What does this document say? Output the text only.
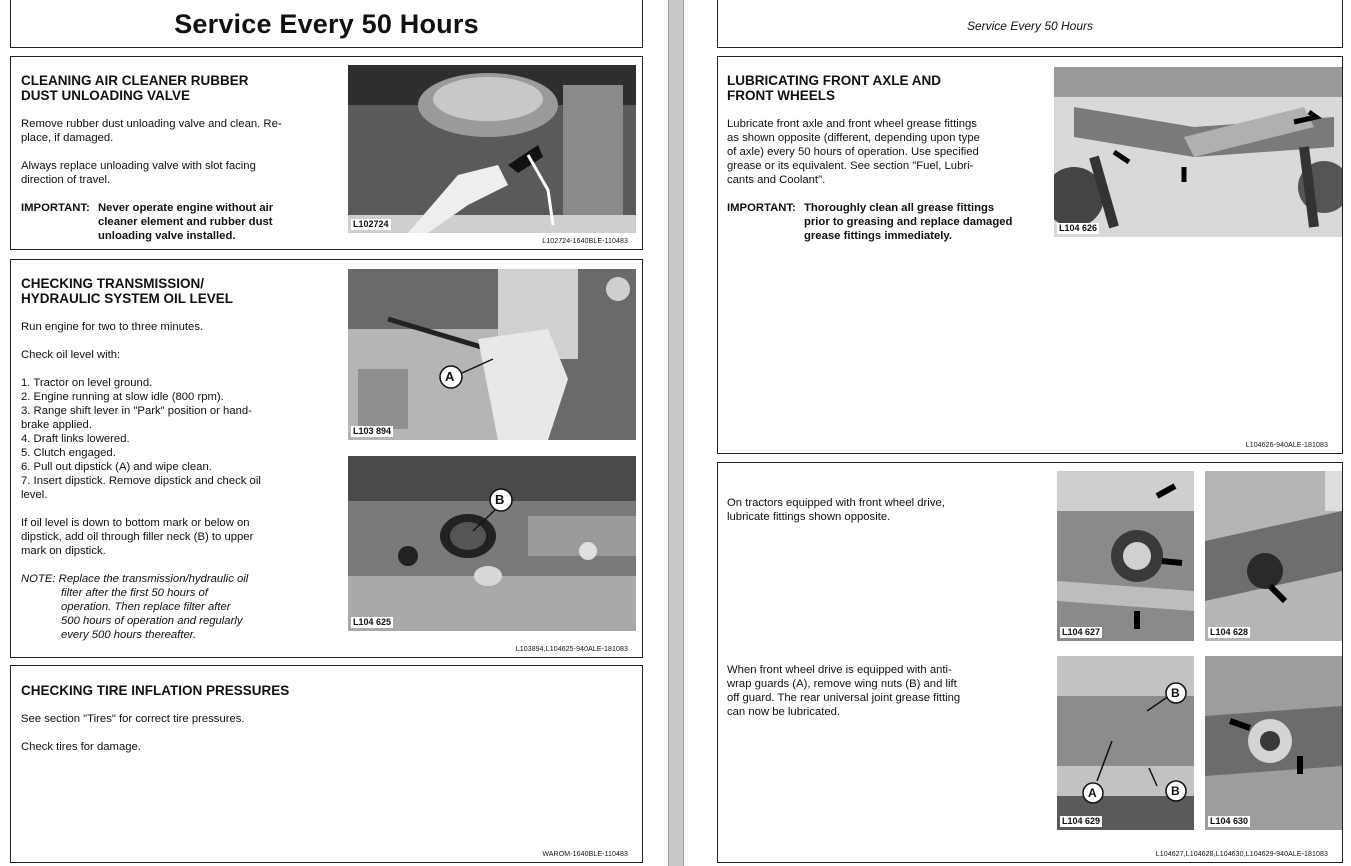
Service Every 50 Hours
CLEANING AIR CLEANER RUBBER
DUST UNLOADING VALVE

Remove rubber dust unloading valve and clean. Re-

place, if damaged.

Always replace unloading valve with slot facing

direction of travel.

IMPORTANT: Never operate engine without air

cleaner element and rubber dust

unloading valve installed.

L102724
L102724-1640BLE-110483
CHECKING TRANSMISSION/
HYDRAULIC SYSTEM OIL LEVEL

Run engine for two to three minutes.

Check oil level with:

1. Tractor on level ground.

2. Engine running at slow idle (800 rpm).

3. Range shift lever in "Park" position or hand-

brake applied.

4. Draft links lowered.

5. Clutch engaged.

6. Pull out dipstick (A) and wipe clean.

7. Insert dipstick. Remove dipstick and check oil

level.

If oil level is down to bottom mark or below on

dipstick, add oil through filler neck (B) to upper

mark on dipstick.

NOTE: Replace the transmission/hydraulic oil

filter after the first 50 hours of

operation. Then replace filter after

500 hours of operation and regularly

every 500 hours thereafter.

A
L103 894
B
L104 625
L103894,L104625-940ALE-181083
CHECKING TIRE INFLATION PRESSURES

See section "Tires" for correct tire pressures.

Check tires for damage.

WAROM-1640BLE-110483
Service Every 50 Hours
LUBRICATING FRONT AXLE AND
FRONT WHEELS

Lubricate front axle and front wheel grease fittings

as shown opposite (different, depending upon type

of axle) every 50 hours of operation. Use specified

grease or its equivalent. See section "Fuel, Lubri-

cants and Coolant".

IMPORTANT: Thoroughly clean all grease fittings

prior to greasing and replace damaged

grease fittings immediately.

L104 626
L104626-940ALE-181083

On tractors equipped with front wheel drive,

lubricate fittings shown opposite.

When front wheel drive is equipped with anti-

wrap guards (A), remove wing nuts (B) and lift

off guard. The rear universal joint grease fitting

can now be lubricated.

L104 627	L104 628
A
B
B
L104 629	L104 630
L104627,L104628,L104630,L104629-940ALE-181083
